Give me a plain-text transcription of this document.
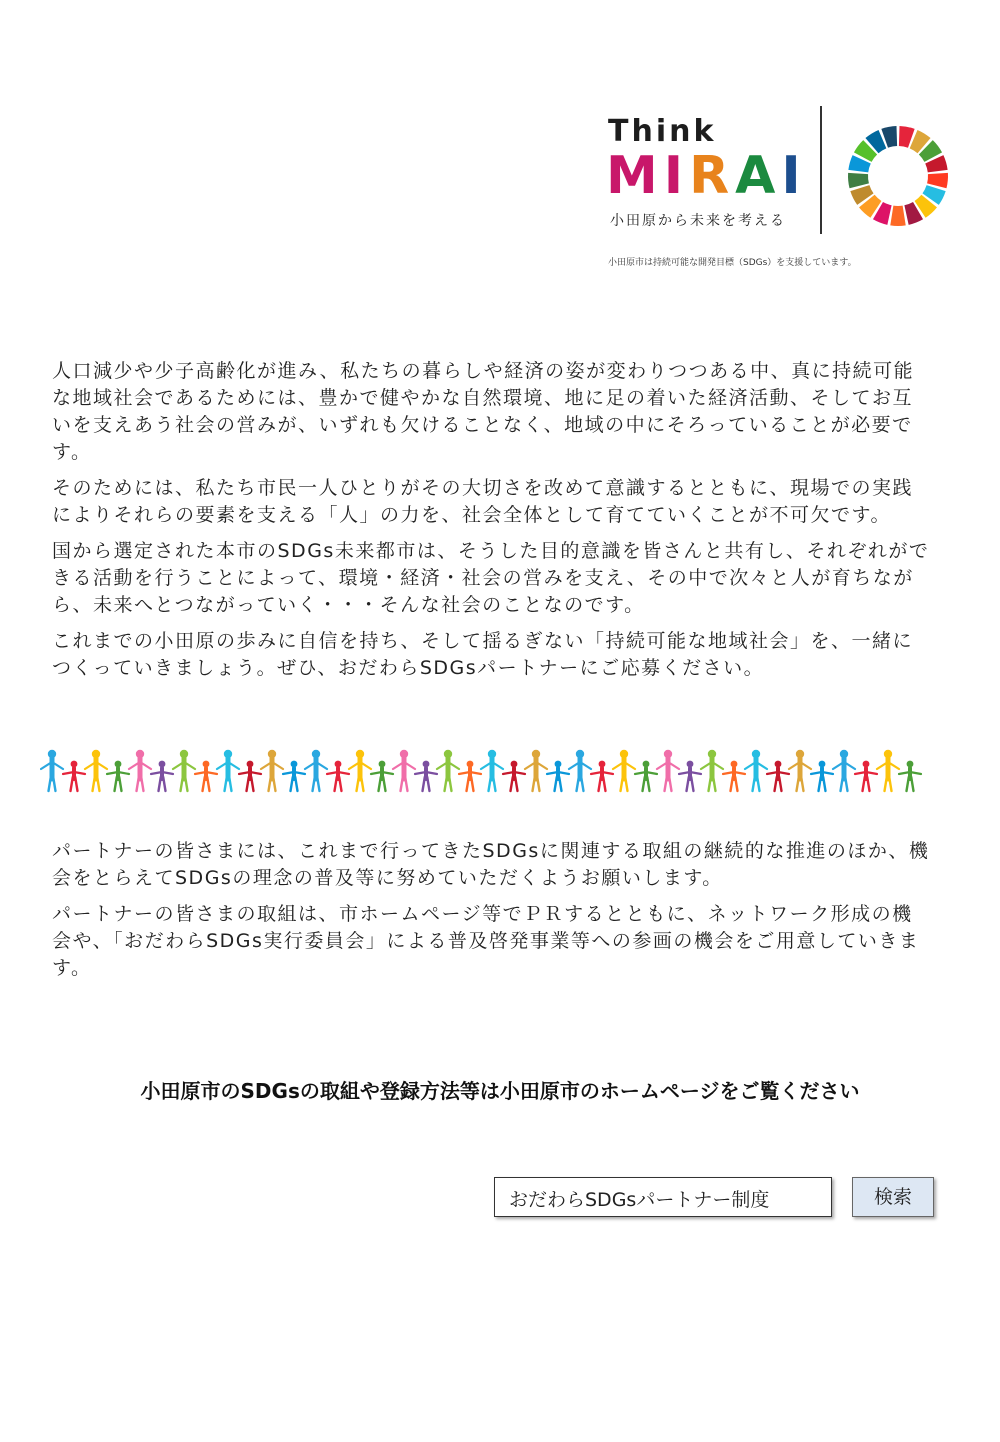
Think
MIRAI
小田原から未来を考える
小田原市は持続可能な開発目標（SDGs）を支援しています。

人口減少や少子高齢化が進み、私たちの暮らしや経済の姿が変わりつつある中、真に持続可能な地域社会であるためには、豊かで健やかな自然環境、地に足の着いた経済活動、そしてお互いを支えあう社会の営みが、いずれも欠けることなく、地域の中にそろっていることが必要です。

そのためには、私たち市民一人ひとりがその大切さを改めて意識するとともに、現場での実践によりそれらの要素を支える「人」の力を、社会全体として育てていくことが不可欠です。

国から選定された本市のSDGs未来都市は、そうした目的意識を皆さんと共有し、それぞれができる活動を行うことによって、環境・経済・社会の営みを支え、その中で次々と人が育ちながら、未来へとつながっていく・・・そんな社会のことなのです。

これまでの小田原の歩みに自信を持ち、そして揺るぎない「持続可能な地域社会」を、一緒につくっていきましょう。ぜひ、おだわらSDGsパートナーにご応募ください。

パートナーの皆さまには、これまで行ってきたSDGsに関連する取組の継続的な推進のほか、機会をとらえてSDGsの理念の普及等に努めていただくようお願いします。

パートナーの皆さまの取組は、市ホームページ等でＰＲするとともに、ネットワーク形成の機会や、「おだわらSDGs実行委員会」による普及啓発事業等への参画の機会をご用意していきます。

小田原市のSDGsの取組や登録方法等は小田原市のホームページをご覧ください
おだわらSDGsパートナー制度	検索
